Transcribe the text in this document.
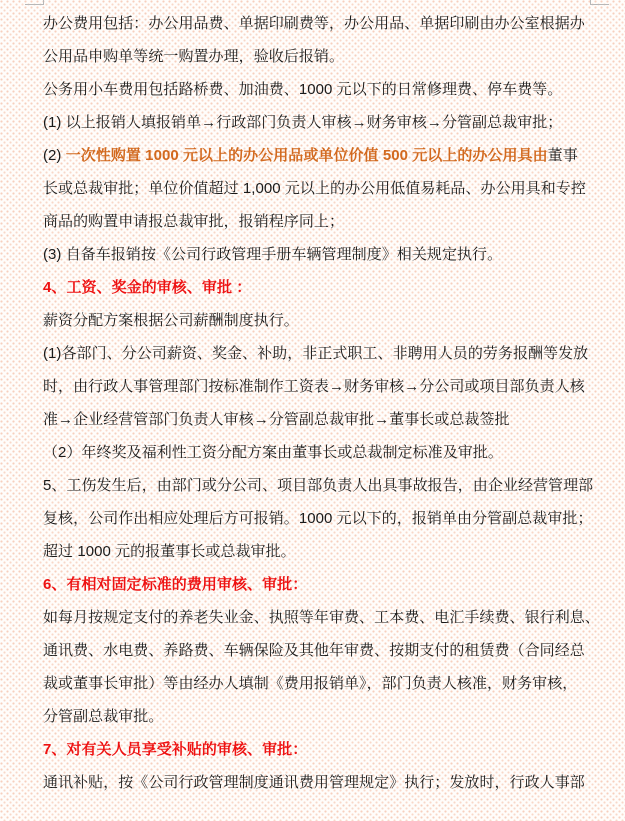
办公费用包括：办公用品费、单据印刷费等，办公用品、单据印刷由办公室根据办
公用品申购单等统一购置办理，验收后报销。
公务用小车费用包括路桥费、加油费、1000 元以下的日常修理费、停车费等。
(1) 以上报销人填报销单→行政部门负责人审核→财务审核→分管副总裁审批；
(2) 一次性购置 1000 元以上的办公用品或单位价值 500 元以上的办公用具由董事
长或总裁审批；单位价值超过 1,000 元以上的办公用低值易耗品、办公用具和专控
商品的购置申请报总裁审批，报销程序同上；
(3) 自备车报销按《公司行政管理手册车辆管理制度》相关规定执行。
4、工资、奖金的审核、审批 ：
薪资分配方案根据公司薪酬制度执行。
(1)各部门、分公司薪资、奖金、补助，非正式职工、非聘用人员的劳务报酬等发放
时，由行政人事管理部门按标准制作工资表→财务审核→分公司或项目部负责人核
准→企业经营管部门负责人审核→分管副总裁审批→董事长或总裁签批
（2）年终奖及福利性工资分配方案由董事长或总裁制定标准及审批。
5、工伤发生后，由部门或分公司、项目部负责人出具事故报告，由企业经营管理部
复核，公司作出相应处理后方可报销。1000 元以下的，报销单由分管副总裁审批；
超过 1000 元的报董事长或总裁审批。
6、有相对固定标准的费用审核、审批：
如每月按规定支付的养老失业金、执照等年审费、工本费、电汇手续费、银行利息、
通讯费、水电费、养路费、车辆保险及其他年审费、按期支付的租赁费（合同经总
裁或董事长审批）等由经办人填制《费用报销单》，部门负责人核准，财务审核，
分管副总裁审批。
7、对有关人员享受补贴的审核、审批：
通讯补贴，按《公司行政管理制度通讯费用管理规定》执行；发放时，行政人事部
